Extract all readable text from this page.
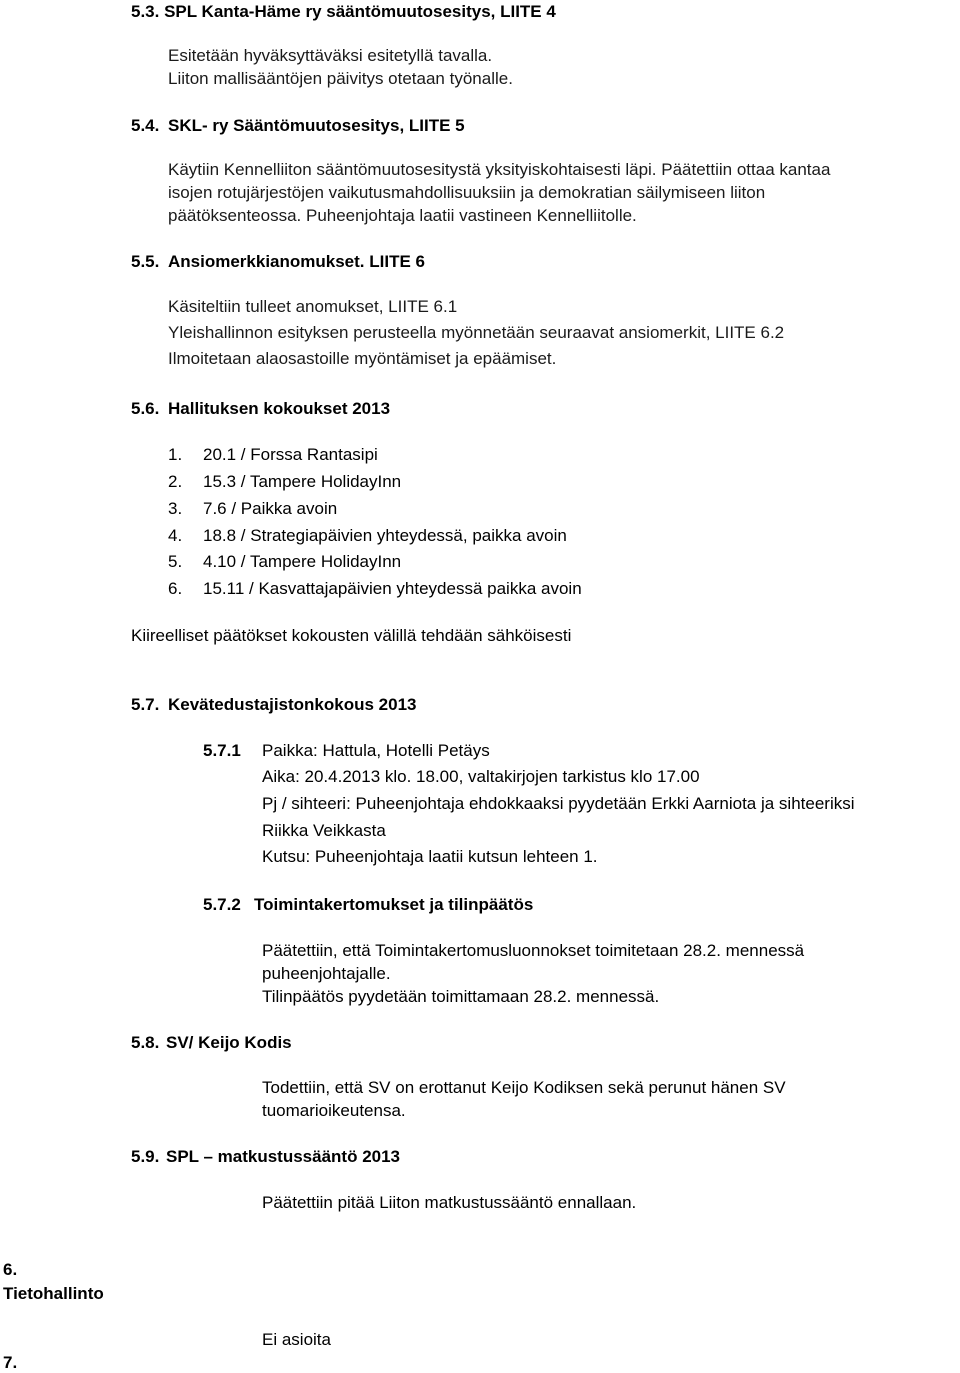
5.3. SPL Kanta-Häme ry sääntömuutosesitys, LIITE 4
Esitetään hyväksyttäväksi esitetyllä tavalla.
Liiton mallisääntöjen päivitys otetaan työnalle.
5.4. SKL- ry Sääntömuutosesitys, LIITE 5
Käytiin Kennelliiton sääntömuutosesitystä yksityiskohtaisesti läpi. Päätettiin ottaa kantaa
isojen rotujärjestöjen vaikutusmahdollisuuksiin ja demokratian säilymiseen liiton
päätöksenteossa. Puheenjohtaja laatii vastineen Kennelliitolle.
5.5. Ansiomerkkianomukset. LIITE 6
Käsiteltiin tulleet anomukset, LIITE 6.1
Yleishallinnon esityksen perusteella myönnetään seuraavat ansiomerkit, LIITE 6.2
Ilmoitetaan alaosastoille myöntämiset ja epäämiset.
5.6. Hallituksen kokoukset 2013
1. 20.1 / Forssa Rantasipi
2. 15.3 / Tampere HolidayInn
3. 7.6 / Paikka avoin
4. 18.8 / Strategiapäivien yhteydessä, paikka avoin
5. 4.10 / Tampere HolidayInn
6. 15.11 / Kasvattajapäivien yhteydessä paikka avoin
Kiireelliset päätökset kokousten välillä tehdään sähköisesti
5.7. Kevätedustajistonkokous 2013
5.7.1 Paikka: Hattula, Hotelli Petäys
Aika: 20.4.2013 klo. 18.00, valtakirjojen tarkistus klo 17.00
Pj / sihteeri: Puheenjohtaja ehdokkaaksi pyydetään Erkki Aarniota ja sihteeriksi
Riikka Veikkasta
Kutsu: Puheenjohtaja laatii kutsun lehteen 1.
5.7.2 Toimintakertomukset ja tilinpäätös
Päätettiin, että Toimintakertomusluonnokset toimitetaan 28.2. mennessä
puheenjohtajalle.
Tilinpäätös pyydetään toimittamaan 28.2. mennessä.
5.8. SV/ Keijo Kodis
Todettiin, että SV on erottanut Keijo Kodiksen sekä perunut hänen SV
tuomarioikeutensa.
5.9. SPL – matkustussääntö 2013
Päätettiin pitää Liiton matkustussääntö ennallaan.
6.
Tietohallinto
Ei asioita
7.
